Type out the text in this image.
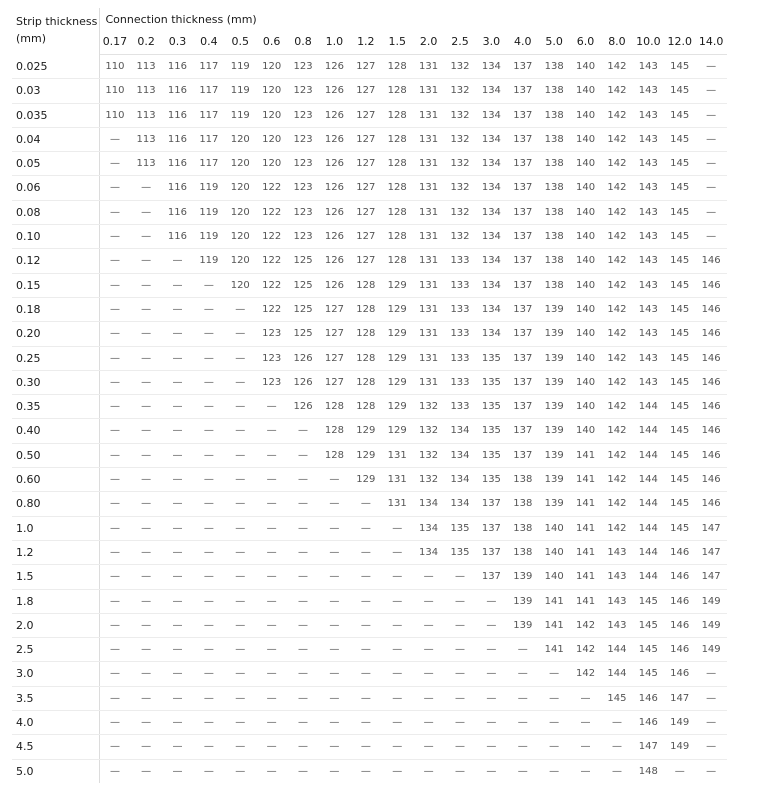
Strip thickness
(mm)	Connection thickness (mm)																			
	0.17	0.2	0.3	0.4	0.5	0.6	0.8	1.0	1.2	1.5	2.0	2.5	3.0	4.0	5.0	6.0	8.0	10.0	12.0	14.0
0.025	110	113	116	117	119	120	123	126	127	128	131	132	134	137	138	140	142	143	145	—
0.03	110	113	116	117	119	120	123	126	127	128	131	132	134	137	138	140	142	143	145	—
0.035	110	113	116	117	119	120	123	126	127	128	131	132	134	137	138	140	142	143	145	—
0.04	—	113	116	117	120	120	123	126	127	128	131	132	134	137	138	140	142	143	145	—
0.05	—	113	116	117	120	120	123	126	127	128	131	132	134	137	138	140	142	143	145	—
0.06	—	—	116	119	120	122	123	126	127	128	131	132	134	137	138	140	142	143	145	—
0.08	—	—	116	119	120	122	123	126	127	128	131	132	134	137	138	140	142	143	145	—
0.10	—	—	116	119	120	122	123	126	127	128	131	132	134	137	138	140	142	143	145	—
0.12	—	—	—	119	120	122	125	126	127	128	131	133	134	137	138	140	142	143	145	146
0.15	—	—	—	—	120	122	125	126	128	129	131	133	134	137	138	140	142	143	145	146
0.18	—	—	—	—	—	122	125	127	128	129	131	133	134	137	139	140	142	143	145	146
0.20	—	—	—	—	—	123	125	127	128	129	131	133	134	137	139	140	142	143	145	146
0.25	—	—	—	—	—	123	126	127	128	129	131	133	135	137	139	140	142	143	145	146
0.30	—	—	—	—	—	123	126	127	128	129	131	133	135	137	139	140	142	143	145	146
0.35	—	—	—	—	—	—	126	128	128	129	132	133	135	137	139	140	142	144	145	146
0.40	—	—	—	—	—	—	—	128	129	129	132	134	135	137	139	140	142	144	145	146
0.50	—	—	—	—	—	—	—	128	129	131	132	134	135	137	139	141	142	144	145	146
0.60	—	—	—	—	—	—	—	—	129	131	132	134	135	138	139	141	142	144	145	146
0.80	—	—	—	—	—	—	—	—	—	131	134	134	137	138	139	141	142	144	145	146
1.0	—	—	—	—	—	—	—	—	—	—	134	135	137	138	140	141	142	144	145	147
1.2	—	—	—	—	—	—	—	—	—	—	134	135	137	138	140	141	143	144	146	147
1.5	—	—	—	—	—	—	—	—	—	—	—	—	137	139	140	141	143	144	146	147
1.8	—	—	—	—	—	—	—	—	—	—	—	—	—	139	141	141	143	145	146	149
2.0	—	—	—	—	—	—	—	—	—	—	—	—	—	139	141	142	143	145	146	149
2.5	—	—	—	—	—	—	—	—	—	—	—	—	—	—	141	142	144	145	146	149
3.0	—	—	—	—	—	—	—	—	—	—	—	—	—	—	—	142	144	145	146	—
3.5	—	—	—	—	—	—	—	—	—	—	—	—	—	—	—	—	145	146	147	—
4.0	—	—	—	—	—	—	—	—	—	—	—	—	—	—	—	—	—	146	149	—
4.5	—	—	—	—	—	—	—	—	—	—	—	—	—	—	—	—	—	147	149	—
5.0	—	—	—	—	—	—	—	—	—	—	—	—	—	—	—	—	—	148	—	—
